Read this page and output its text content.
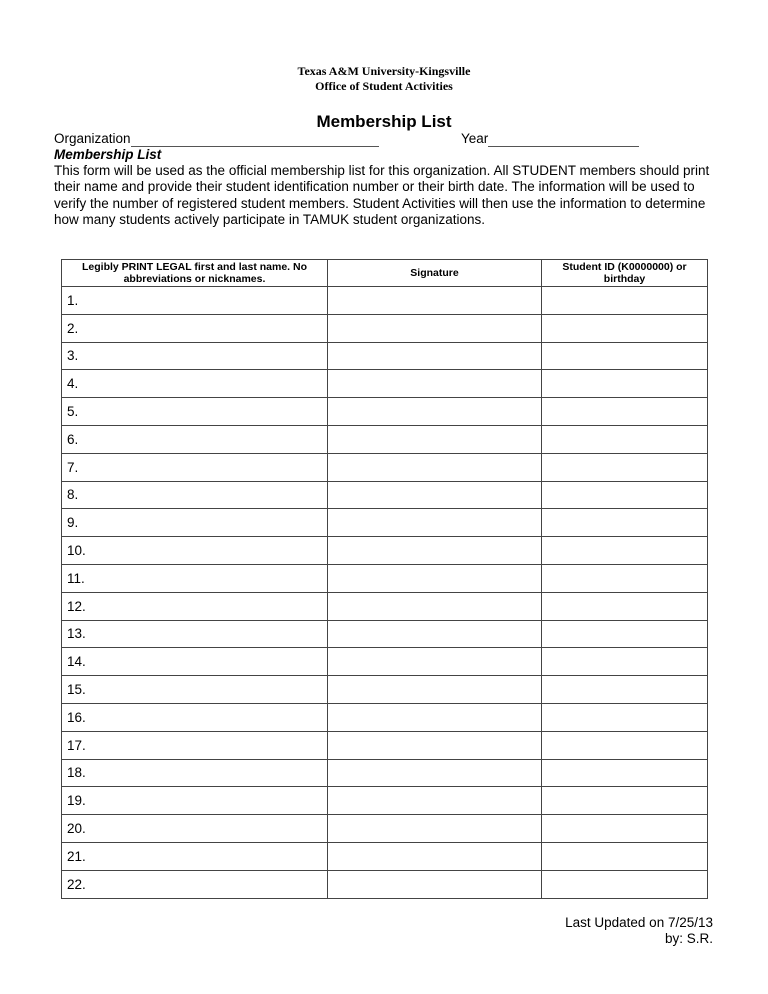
Texas A&M University-Kingsville
Office of Student Activities
Membership List
Organization	Year
Membership List

This form will be used as the official membership list for this organization. All STUDENT members should print their name and provide their student identification number or their birth date. The information will be used to verify the number of registered student members. Student Activities will then use the information to determine how many students actively participate in TAMUK student organizations.

Legibly PRINT LEGAL first and last name. No abbreviations or nicknames.	Signature	Student ID (K0000000) or birthday
1.		
2.		
3.		
4.		
5.		
6.		
7.		
8.		
9.		
10.		
11.		
12.		
13.		
14.		
15.		
16.		
17.		
18.		
19.		
20.		
21.		
22.		
Last Updated on 7/25/13
by: S.R.
